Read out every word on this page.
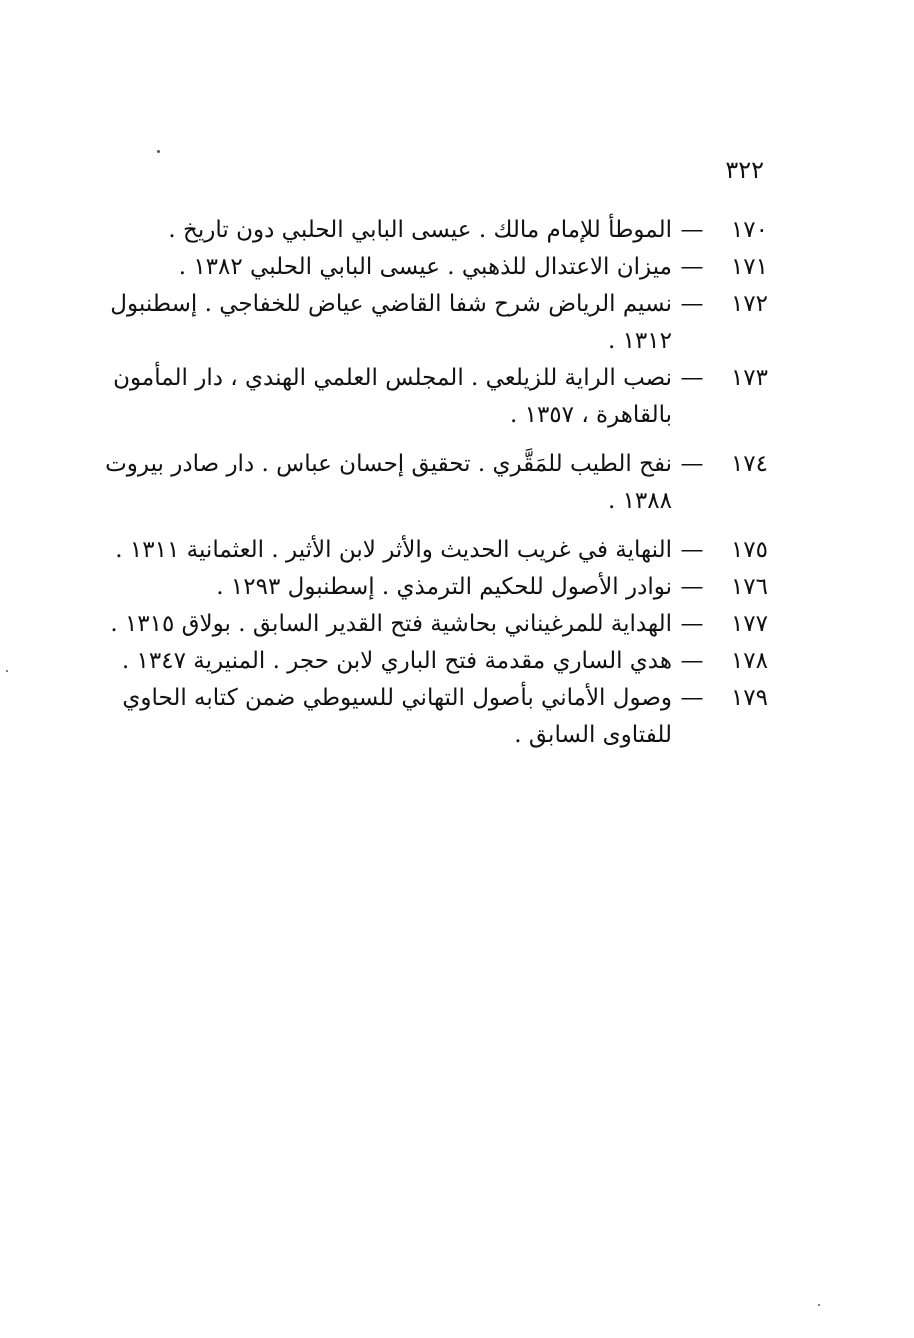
٣٢٢
١٧٠
—
الموطأ للإمام مالك . عيسى البابي الحلبي دون تاريخ .
١٧١
—
ميزان الاعتدال للذهبي . عيسى البابي الحلبي ١٣٨٢ .
١٧٢
—
نسيم الرياض شرح شفا القاضي عياض للخفاجي . إسطنبول ١٣١٢ .
١٧٣
—
نصب الراية للزيلعي . المجلس العلمي الهندي ، دار المأمون بالقاهرة ، ١٣٥٧ .
١٧٤
—
نفح الطيب للمَقَّري . تحقيق إحسان عباس . دار صادر بيروت ١٣٨٨ .
١٧٥
—
النهاية في غريب الحديث والأثر لابن الأثير . العثمانية ١٣١١ .
١٧٦
—
نوادر الأصول للحكيم الترمذي . إسطنبول ١٢٩٣ .
١٧٧
—
الهداية للمرغيناني بحاشية فتح القدير السابق . بولاق ١٣١٥ .
١٧٨
—
هدي الساري مقدمة فتح الباري لابن حجر . المنيرية ١٣٤٧ .
١٧٩
—
وصول الأماني بأصول التهاني للسيوطي ضمن كتابه الحاوي للفتاوى السابق .
